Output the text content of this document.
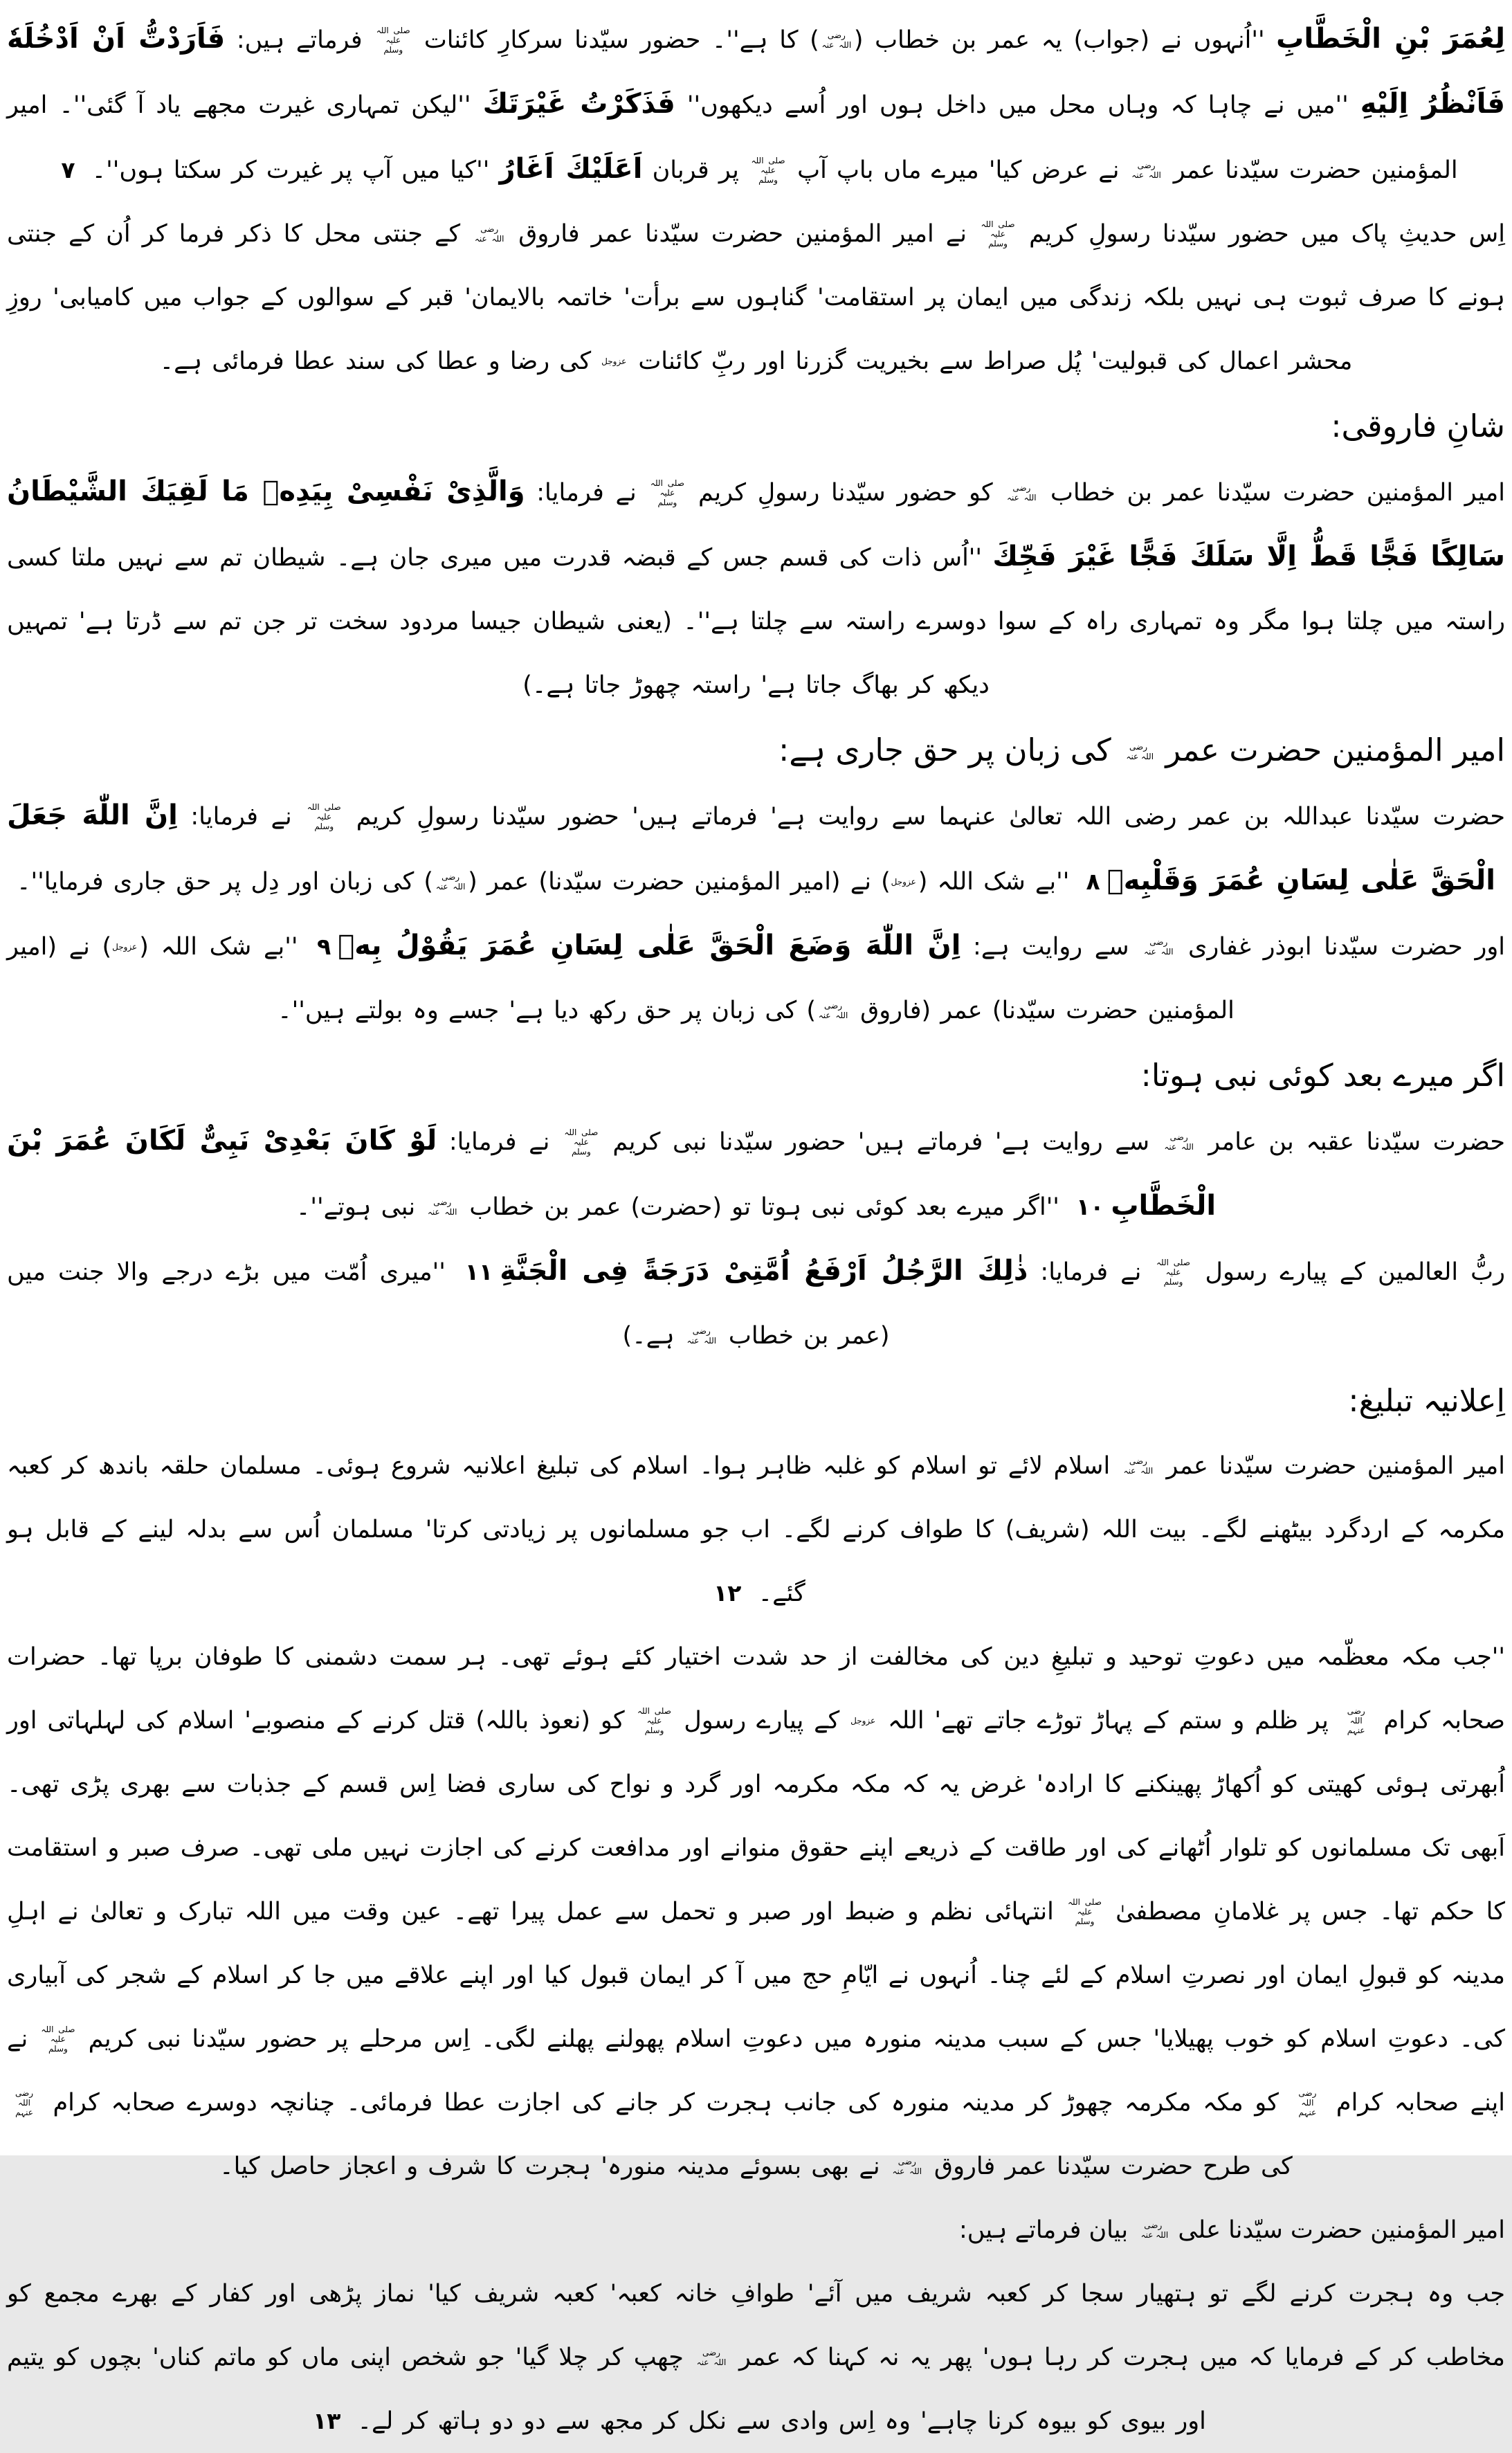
لِعُمَرَ بْنِ الْخَطَّابِ ''اُنہوں نے (جواب) یہ عمر بن خطاب (رضی اللہ عنہ) کا ہے''۔ حضور سیّدنا سرکارِ کائنات صلی اللہ علیہ وسلم فرماتے ہیں: فَاَرَدْتُّ اَنْ اَدْخُلَهٗ فَاَنْظُرُ اِلَيْهِ ''میں نے چاہا کہ وہاں محل میں داخل ہوں اور اُسے دیکھوں'' فَذَكَرْتُ غَيْرَتَكَ ''لیکن تمہاری غیرت مجھے یاد آ گئی''۔ امیر المؤمنین حضرت سیّدنا عمر رضی اللہ عنہ نے عرض کیا' میرے ماں باپ آپ صلی اللہ علیہ وسلم پر قربان اَعَلَيْكَ اَغَارُ ''کیا میں آپ پر غیرت کر سکتا ہوں''۔ ۷
اِس حدیثِ پاک میں حضور سیّدنا رسولِ کریم صلی اللہ علیہ وسلم نے امیر المؤمنین حضرت سیّدنا عمر فاروق رضی اللہ عنہ کے جنتی محل کا ذکر فرما کر اُن کے جنتی ہونے کا صرف ثبوت ہی نہیں بلکہ زندگی میں ایمان پر استقامت' گناہوں سے برأت' خاتمہ بالایمان' قبر کے سوالوں کے جواب میں کامیابی' روزِ محشر اعمال کی قبولیت' پُل صراط سے بخیریت گزرنا اور ربِّ کائنات عزوجل کی رضا و عطا کی سند عطا فرمائی ہے۔
شانِ فاروقی:
امیر المؤمنین حضرت سیّدنا عمر بن خطاب رضی اللہ عنہ کو حضور سیّدنا رسولِ کریم صلی اللہ علیہ وسلم نے فرمایا: وَالَّذِىْ نَفْسِىْ بِيَدِهٖ مَا لَقِيَكَ الشَّيْطَانُ سَالِكًا فَجًّا قَطُّ اِلَّا سَلَكَ فَجًّا غَيْرَ فَجِّكَ ''اُس ذات کی قسم جس کے قبضہ قدرت میں میری جان ہے۔ شیطان تم سے نہیں ملتا کسی راستہ میں چلتا ہوا مگر وہ تمہاری راہ کے سوا دوسرے راستہ سے چلتا ہے''۔ (یعنی شیطان جیسا مردود سخت تر جن تم سے ڈرتا ہے' تمہیں دیکھ کر بھاگ جاتا ہے' راستہ چھوڑ جاتا ہے۔)
امیر المؤمنین حضرت عمر رضی اللہ عنہ کی زبان پر حق جاری ہے:
حضرت سیّدنا عبداللہ بن عمر رضی اللہ تعالیٰ عنہما سے روایت ہے' فرماتے ہیں' حضور سیّدنا رسولِ کریم صلی اللہ علیہ وسلم نے فرمایا: اِنَّ اللّٰهَ جَعَلَ الْحَقَّ عَلٰى لِسَانِ عُمَرَ وَقَلْبِهٖ۸ ''بے شک اللہ (عزوجل) نے (امیر المؤمنین حضرت سیّدنا) عمر (رضی اللہ عنہ) کی زبان اور دِل پر حق جاری فرمایا''۔
اور حضرت سیّدنا ابوذر غفاری رضی اللہ عنہ سے روایت ہے: اِنَّ اللّٰهَ وَضَعَ الْحَقَّ عَلٰى لِسَانِ عُمَرَ يَقُوْلُ بِهٖ۹ ''بے شک اللہ (عزوجل) نے (امیر المؤمنین حضرت سیّدنا) عمر (فاروق رضی اللہ عنہ) کی زبان پر حق رکھ دیا ہے' جسے وہ بولتے ہیں''۔
اگر میرے بعد کوئی نبی ہوتا:
حضرت سیّدنا عقبہ بن عامر رضی اللہ عنہ سے روایت ہے' فرماتے ہیں' حضور سیّدنا نبی کریم صلی اللہ علیہ وسلم نے فرمایا: لَوْ كَانَ بَعْدِىْ نَبِىٌّ لَكَانَ عُمَرَ بْنَ الْخَطَّابِ۱۰ ''اگر میرے بعد کوئی نبی ہوتا تو (حضرت) عمر بن خطاب رضی اللہ عنہ نبی ہوتے''۔
ربُّ العالمین کے پیارے رسول صلی اللہ علیہ وسلم نے فرمایا: ذٰلِكَ الرَّجُلُ اَرْفَعُ اُمَّتِىْ دَرَجَةً فِى الْجَنَّةِ۱۱ ''میری اُمّت میں بڑے درجے والا جنت میں (عمر بن خطاب رضی اللہ عنہ ہے۔)
اِعلانیہ تبلیغ:
امیر المؤمنین حضرت سیّدنا عمر رضی اللہ عنہ اسلام لائے تو اسلام کو غلبہ ظاہر ہوا۔ اسلام کی تبلیغ اعلانیہ شروع ہوئی۔ مسلمان حلقہ باندھ کر کعبہ مکرمہ کے اردگرد بیٹھنے لگے۔ بیت اللہ (شریف) کا طواف کرنے لگے۔ اب جو مسلمانوں پر زیادتی کرتا' مسلمان اُس سے بدلہ لینے کے قابل ہو گئے۔ ۱۲
''جب مکہ معظّمہ میں دعوتِ توحید و تبلیغِ دین کی مخالفت از حد شدت اختیار کئے ہوئے تھی۔ ہر سمت دشمنی کا طوفان برپا تھا۔ حضرات صحابہ کرام رضی اللہ عنہم پر ظلم و ستم کے پہاڑ توڑے جاتے تھے' اللہ عزوجل کے پیارے رسول صلی اللہ علیہ وسلم کو (نعوذ باللہ) قتل کرنے کے منصوبے' اسلام کی لہلہاتی اور اُبھرتی ہوئی کھیتی کو اُکھاڑ پھینکنے کا ارادہ' غرض یہ کہ مکہ مکرمہ اور گرد و نواح کی ساری فضا اِس قسم کے جذبات سے بھری پڑی تھی۔ اَبھی تک مسلمانوں کو تلوار اُٹھانے کی اور طاقت کے ذریعے اپنے حقوق منوانے اور مدافعت کرنے کی اجازت نہیں ملی تھی۔ صرف صبر و استقامت کا حکم تھا۔ جس پر غلامانِ مصطفیٰ صلی اللہ علیہ وسلم انتہائی نظم و ضبط اور صبر و تحمل سے عمل پیرا تھے۔ عین وقت میں اللہ تبارک و تعالیٰ نے اہلِ مدینہ کو قبولِ ایمان اور نصرتِ اسلام کے لئے چنا۔ اُنہوں نے ایّامِ حج میں آ کر ایمان قبول کیا اور اپنے علاقے میں جا کر اسلام کے شجر کی آبیاری کی۔ دعوتِ اسلام کو خوب پھیلایا' جس کے سبب مدینہ منورہ میں دعوتِ اسلام پھولنے پھلنے لگی۔ اِس مرحلے پر حضور سیّدنا نبی کریم صلی اللہ علیہ وسلم نے اپنے صحابہ کرام رضی اللہ عنہم کو مکہ مکرمہ چھوڑ کر مدینہ منورہ کی جانب ہجرت کر جانے کی اجازت عطا فرمائی۔ چنانچہ دوسرے صحابہ کرام رضی اللہ عنہم کی طرح حضرت سیّدنا عمر فاروق رضی اللہ عنہ نے بھی بسوئے مدینہ منورہ' ہجرت کا شرف و اعجاز حاصل کیا۔
امیر المؤمنین حضرت سیّدنا علی رضی اللہ عنہ بیان فرماتے ہیں:
جب وہ ہجرت کرنے لگے تو ہتھیار سجا کر کعبہ شریف میں آئے' طوافِ خانہ کعبہ' کعبہ شریف کیا' نماز پڑھی اور کفار کے بھرے مجمع کو مخاطب کر کے فرمایا کہ میں ہجرت کر رہا ہوں' پھر یہ نہ کہنا کہ عمر رضی اللہ عنہ چھپ کر چلا گیا' جو شخص اپنی ماں کو ماتم کناں' بچوں کو یتیم اور بیوی کو بیوہ کرنا چاہے' وہ اِس وادی سے نکل کر مجھ سے دو دو ہاتھ کر لے۔ ۱۳
